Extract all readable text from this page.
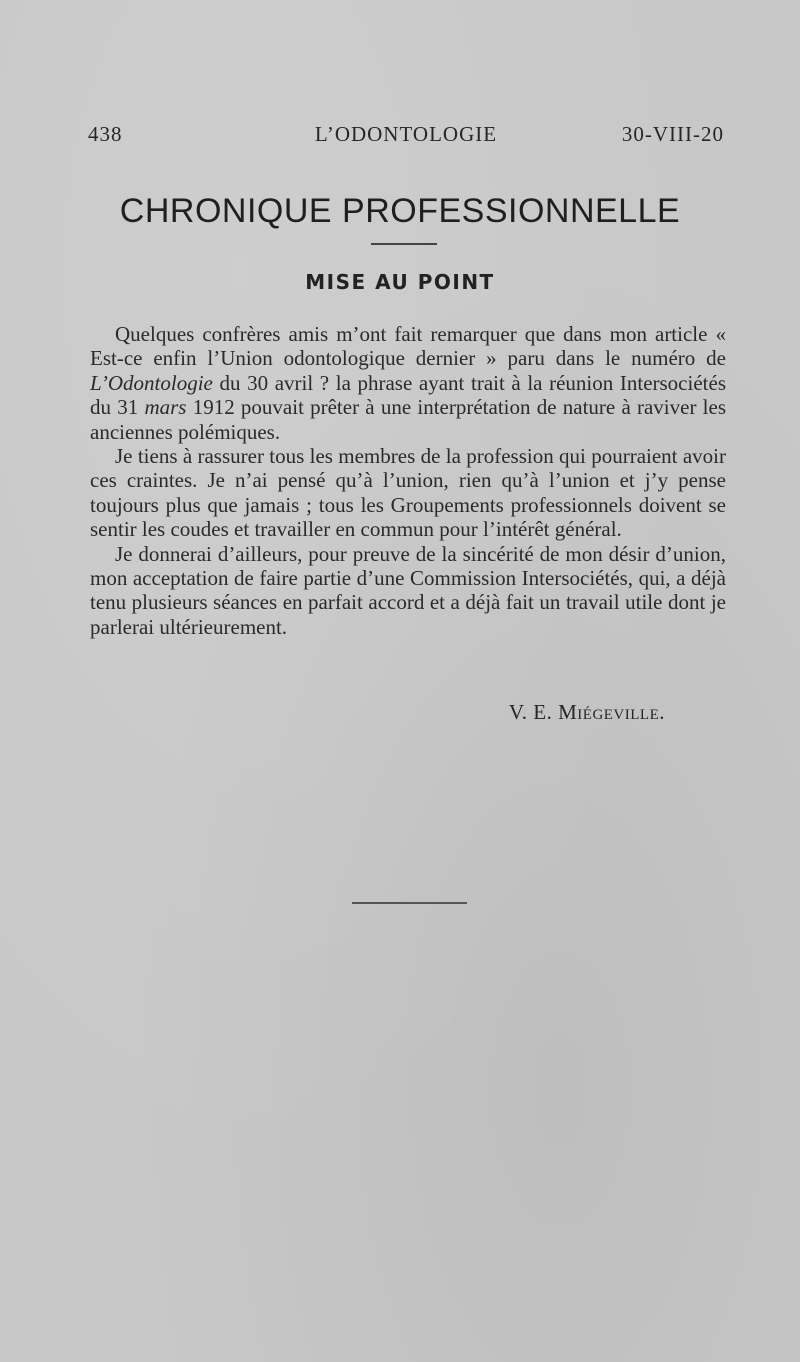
438	L’ODONTOLOGIE	30-VIII-20
CHRONIQUE PROFESSIONNELLE
MISE AU POINT

Quelques confrères amis m’ont fait remarquer que dans mon article « Est-ce enfin l’Union odontologique dernier » paru dans le numéro de L’Odontologie du 30 avril ? la phrase ayant trait à la réunion Intersociétés du 31 mars 1912 pouvait prêter à une interprétation de nature à raviver les anciennes polémiques.

Je tiens à rassurer tous les membres de la profession qui pourraient avoir ces craintes. Je n’ai pensé qu’à l’union, rien qu’à l’union et j’y pense toujours plus que jamais ; tous les Groupements professionnels doivent se sentir les coudes et travailler en commun pour l’intérêt général.

Je donnerai d’ailleurs, pour preuve de la sincérité de mon désir d’union, mon acceptation de faire partie d’une Commission Intersociétés, qui, a déjà tenu plusieurs séances en parfait accord et a déjà fait un travail utile dont je parlerai ultérieurement.

V. E. Miégeville.
